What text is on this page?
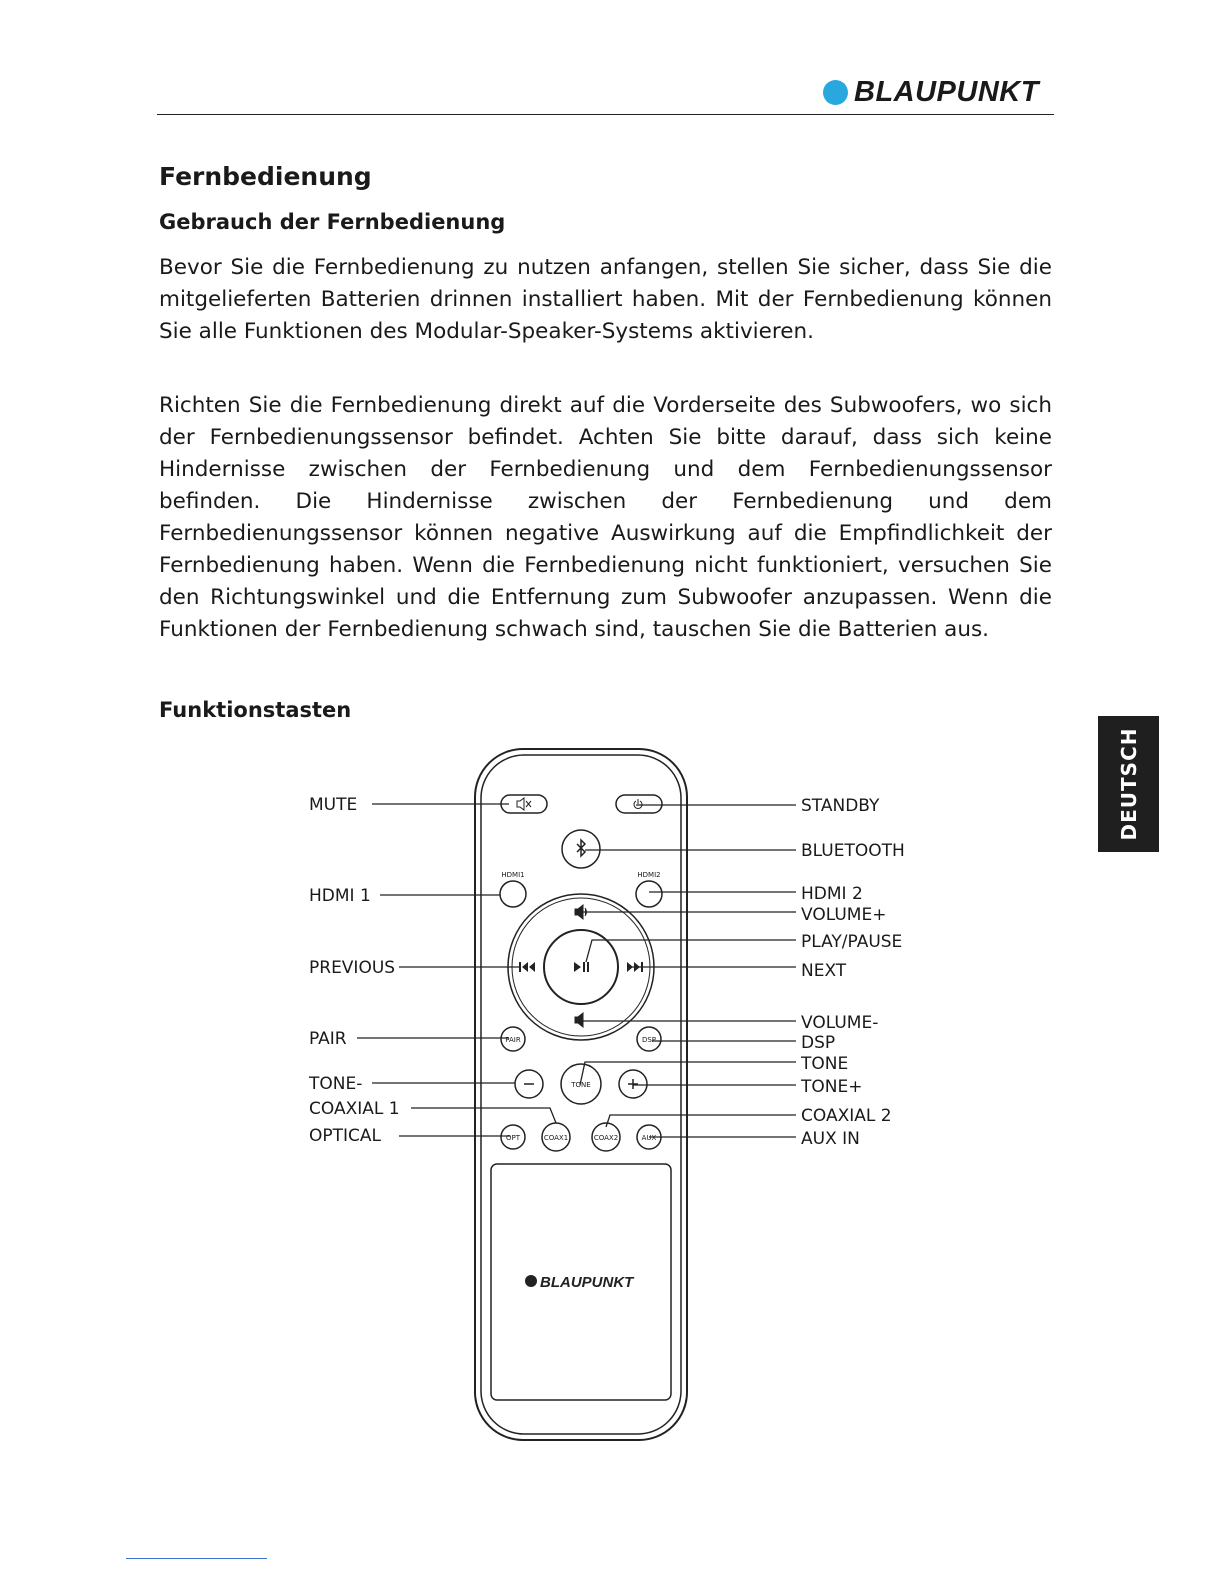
BLAUPUNKT
Fernbedienung
Gebrauch der Fernbedienung

Bevor Sie die Fernbedienung zu nutzen anfangen, stellen Sie sicher, dass Sie die mitgelieferten Batterien drinnen installiert haben. Mit der Fernbedienung können Sie alle Funktionen des Modular-Speaker-Systems aktivieren.

Richten Sie die Fernbedienung direkt auf die Vorderseite des Subwoofers, wo sich der Fernbedienungssensor befindet. Achten Sie bitte darauf, dass sich keine Hindernisse zwischen der Fernbedienung und dem Fernbedienungssensor befinden. Die Hindernisse zwischen der Fernbedienung und dem Fernbedienungssensor können negative Auswirkung auf die Empfindlichkeit der Fernbedienung haben. Wenn die Fernbedienung nicht funktioniert, versuchen Sie den Richtungswinkel und die Entfernung zum Subwoofer anzupassen. Wenn die Funktionen der Fernbedienung schwach sind, tauschen Sie die Batterien aus.

Funktionstasten
DEUTSCH
HDMI1	HDMI2
PAIR	DSP
TONE
OPT	COAX1	COAX2	AUX
BLAUPUNKT
MUTE
HDMI 1
PREVIOUS
PAIR
TONE-
COAXIAL 1
OPTICAL
STANDBY
BLUETOOTH
HDMI 2
VOLUME+
PLAY/PAUSE
NEXT
VOLUME-
DSP
TONE
TONE+
COAXIAL 2
AUX IN
